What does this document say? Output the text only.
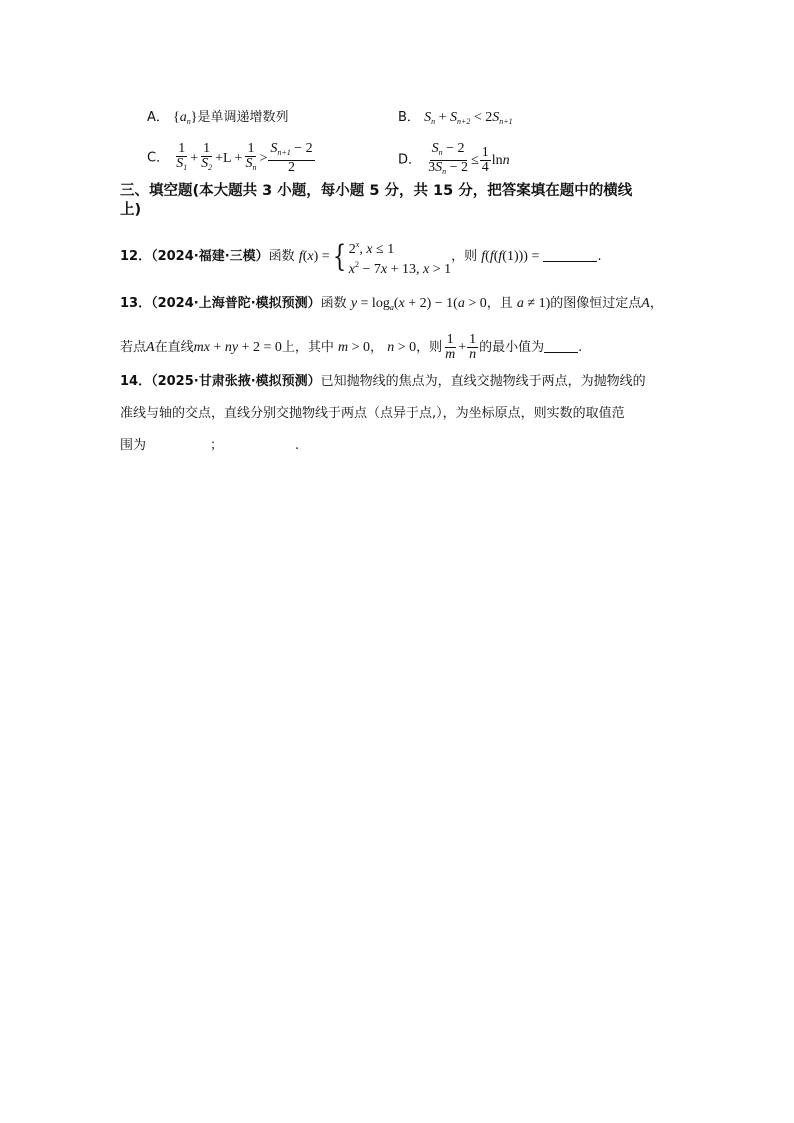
A． $\{a_n\}$是单调递增数列	B． $S_n + S_{n+2} < 2S_{n+1}$
C． $\frac{1}{S_1} + \frac{1}{S_2} +L + \frac{1}{S_n} > \frac{S_{n+1} - 2}{2}$	D． $\frac{S_n - 2}{3S_n - 2} \le \frac{1}{4}$ lnn
三、填空题(本大题共 3 小题，每小题 5 分，共 15 分，把答案填在题中的横线
上)
12．（2024·福建·三模）函数 f(x) ={ 2$^x$, x ≤ 1
$x^2 - 7x + 13$, x > 1
，则 f(f(f(1))) =	.
13．（2024·上海普陀·模拟预测）函数 $y = \log_a(x + 2) - 1(a > 0$，且 a ≠ 1)的图像恒过定点A，
若点A在直线mx + ny + 2 = 0上，其中 m > 0， n > 0，则 $\frac{1}{m} + \frac{1}{n}$ 的最小值为	.
14．（2025·甘肃张掖·模拟预测）已知抛物线的焦点为，直线交抛物线于两点，为抛物线的
准线与轴的交点，直线分别交抛物线于两点（点异于点,），为坐标原点，则实数的取值范
围为	；	.
